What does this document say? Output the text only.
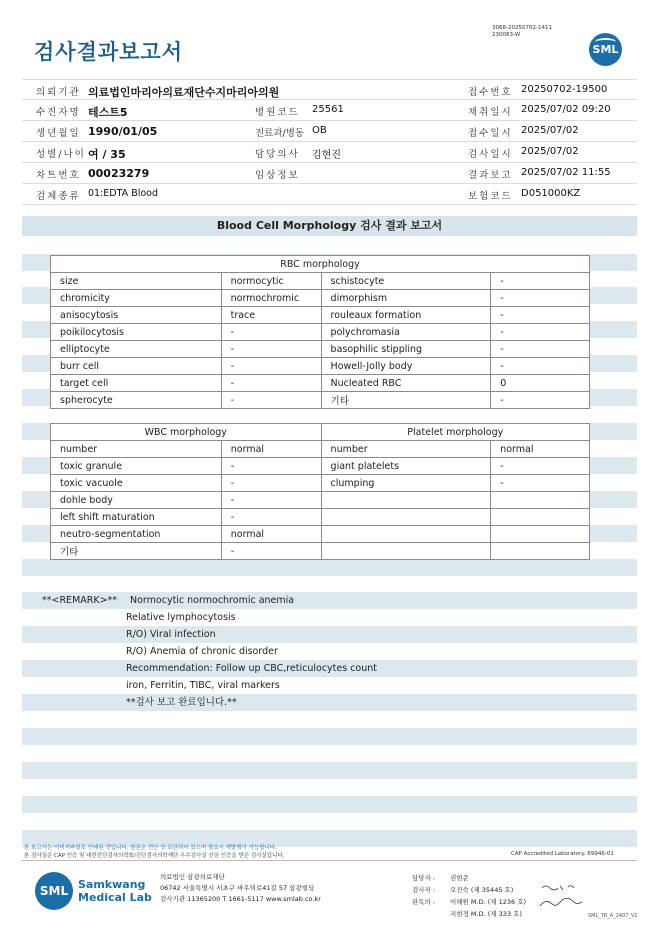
검사결과보고서
3068-20250702-1411
230083-W
SML
의뢰기관 의료법인마리아의료재단수지마리아의원	접수번호 20250702-19500
수진자명 테스트5	병원코드 25561	채취일시 2025/07/02 09:20
생년월일 1990/01/05	진료과/병동 OB	접수일시 2025/07/02
성별/나이 여 / 35	담당의사 김현진	검사일시 2025/07/02
차트번호 00023279	임상정보	결과보고 2025/07/02 11:55
검체종류 01:EDTA Blood	보험코드 D051000KZ
Blood Cell Morphology 검사 결과 보고서
RBC morphology			
size	normocytic	schistocyte	-
chromicity	normochromic	dimorphism	-
anisocytosis	trace	rouleaux formation	-
poikilocytosis	-	polychromasia	-
elliptocyte	-	basophilic stippling	-
burr cell	-	Howell-Jolly body	-
target cell	-	Nucleated RBC	0
spherocyte	-	기타	-
WBC morphology		Platelet morphology	
number	normal	number	normal
toxic granule	-	giant platelets	-
toxic vacuole	-	clumping	-
dohle body	-		
left shift maturation	-		
neutro-segmentation	normal		
기타	-		
**<REMARK>** Normocytic normochromic anemia
Relative lymphocytosis
R/O) Viral infection
R/O) Anemia of chronic disorder
Recommendation: Follow up CBC,reticulocytes count
iron, Ferritin, TIBC, viral markers
**검사 보고 완료입니다.**
본 보고서는 이미지파일로 인쇄된 것입니다. 원본은 전산 상 보관되어 있으며 필요시 재발행이 가능합니다.
본 검사실은 CAP 인증 및 대한진단검사의학회/진단검사의학재단 우수검사실 신임 인증을 받은 검사실입니다.	CAP Accredited Laboratory. 69946-01
SML Samkwang
Medical Lab
의료법인 삼광의료재단
06742 서울특별시 서초구 바우뫼로41길 57 삼광빌딩
검사기관 11365200 T 1661-5117 www.smlab.co.kr
담당자 : 권현준
검사자 : 오진숙 (제 35445 호)
판독의 : 이해원 M.D. (제 1236 호)
지현정 M.D. (제 333 호)	SML_TR_A_2407_V1
